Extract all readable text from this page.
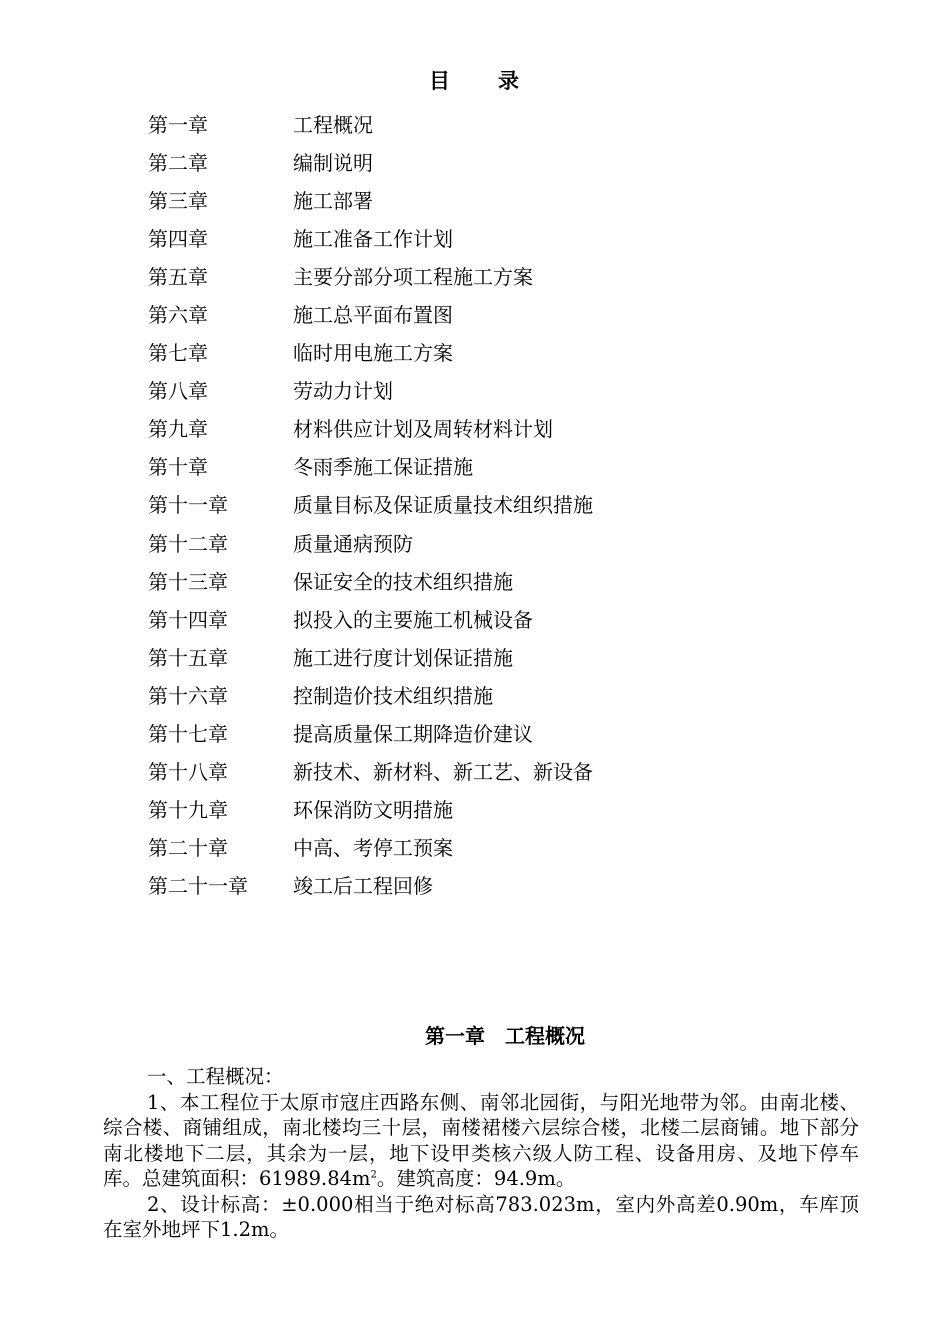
目 录
第一章	工程概况
第二章	编制说明
第三章	施工部署
第四章	施工准备工作计划
第五章	主要分部分项工程施工方案
第六章	施工总平面布置图
第七章	临时用电施工方案
第八章	劳动力计划
第九章	材料供应计划及周转材料计划
第十章	冬雨季施工保证措施
第十一章	质量目标及保证质量技术组织措施
第十二章	质量通病预防
第十三章	保证安全的技术组织措施
第十四章	拟投入的主要施工机械设备
第十五章	施工进行度计划保证措施
第十六章	控制造价技术组织措施
第十七章	提高质量保工期降造价建议
第十八章	新技术、新材料、新工艺、新设备
第十九章	环保消防文明措施
第二十章	中高、考停工预案
第二十一章	竣工后工程回修
第一章 工程概况
一、工程概况：

1、本工程位于太原市寇庄西路东侧、南邻北园街，与阳光地带为邻。由南北楼、综合楼、商铺组成，南北楼均三十层，南楼裙楼六层综合楼，北楼二层商铺。地下部分南北楼地下二层，其余为一层，地下设甲类核六级人防工程、设备用房、及地下停车库。总建筑面积：$61989.84m^2$。建筑高度：94.9m。

2、设计标高：±0.000相当于绝对标高783.023m，室内外高差0.90m，车库顶在室外地坪下1.2m。
